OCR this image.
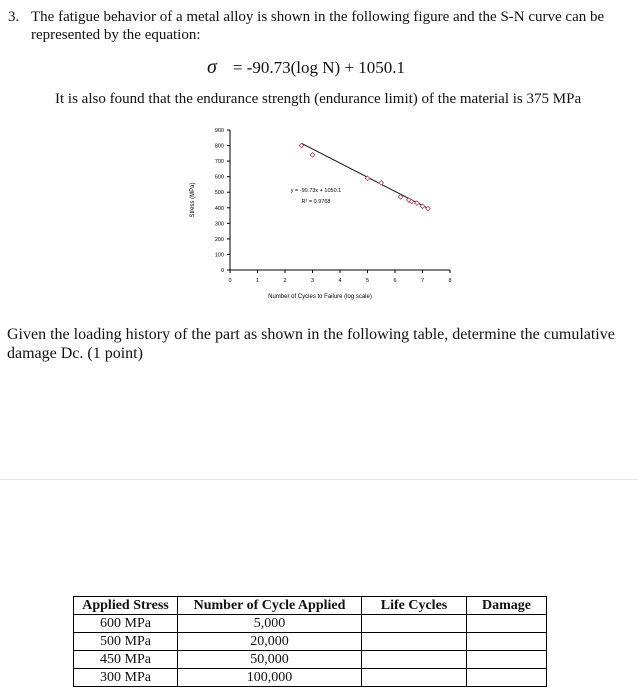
3. The fatigue behavior of a metal alloy is shown in the following figure and the S-N curve can be
represented by the equation:
σ = -90.73(log N) + 1050.1
It is also found that the endurance strength (endurance limit) of the material is 375 MPa
0
100
200
300
400
500
600
700
800
900
0	1	2	3	4	5	6	7	8
Number of Cycles to Failure (log scale)
Stress (MPa)	y = -90.73x + 1050.1
R² = 0.9768
Given the loading history of the part as shown in the following table, determine the cumulative damage Dc. (1 point)
Applied Stress	Number of Cycle Applied	Life Cycles	Damage
600 MPa	5,000		
500 MPa	20,000		
450 MPa	50,000		
300 MPa	100,000		
